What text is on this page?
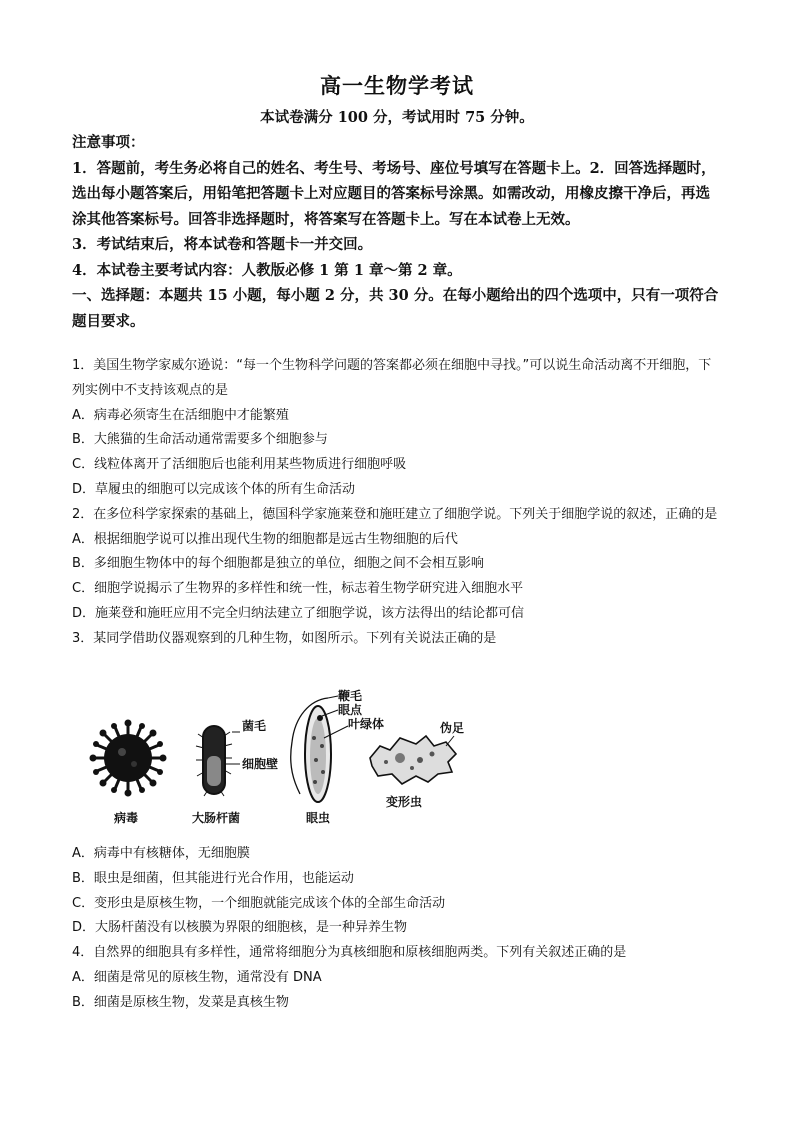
高一生物学考试
本试卷满分 100 分，考试用时 75 分钟。

注意事项：

1．答题前，考生务必将自己的姓名、考生号、考场号、座位号填写在答题卡上。2．回答选择题时，选出每小题答案后，用铅笔把答题卡上对应题目的答案标号涂黑。如需改动，用橡皮擦干净后，再选涂其他答案标号。回答非选择题时，将答案写在答题卡上。写在本试卷上无效。

3．考试结束后，将本试卷和答题卡一并交回。

4．本试卷主要考试内容：人教版必修 1 第 1 章～第 2 章。

一、选择题：本题共 15 小题，每小题 2 分，共 30 分。在每小题给出的四个选项中，只有一项符合题目要求。

1．美国生物学家威尔逊说：“每一个生物科学问题的答案都必须在细胞中寻找。”可以说生命活动离不开细胞，下列实例中不支持该观点的是

A．病毒必须寄生在活细胞中才能繁殖

B．大熊猫的生命活动通常需要多个细胞参与

C．线粒体离开了活细胞后也能利用某些物质进行细胞呼吸

D．草履虫的细胞可以完成该个体的所有生命活动

2．在多位科学家探索的基础上，德国科学家施莱登和施旺建立了细胞学说。下列关于细胞学说的叙述，正确的是

A．根据细胞学说可以推出现代生物的细胞都是远古生物细胞的后代

B．多细胞生物体中的每个细胞都是独立的单位，细胞之间不会相互影响

C．细胞学说揭示了生物界的多样性和统一性，标志着生物学研究进入细胞水平

D．施莱登和施旺应用不完全归纳法建立了细胞学说，该方法得出的结论都可信

3．某同学借助仪器观察到的几种生物，如图所示。下列有关说法正确的是

病毒
菌毛
细胞壁
大肠杆菌
鞭毛
眼点
叶绿体
眼虫
伪足
变形虫

A．病毒中有核糖体，无细胞膜

B．眼虫是细菌，但其能进行光合作用，也能运动

C．变形虫是原核生物，一个细胞就能完成该个体的全部生命活动

D．大肠杆菌没有以核膜为界限的细胞核，是一种异养生物

4．自然界的细胞具有多样性，通常将细胞分为真核细胞和原核细胞两类。下列有关叙述正确的是

A．细菌是常见的原核生物，通常没有 DNA

B．细菌是原核生物，发菜是真核生物
